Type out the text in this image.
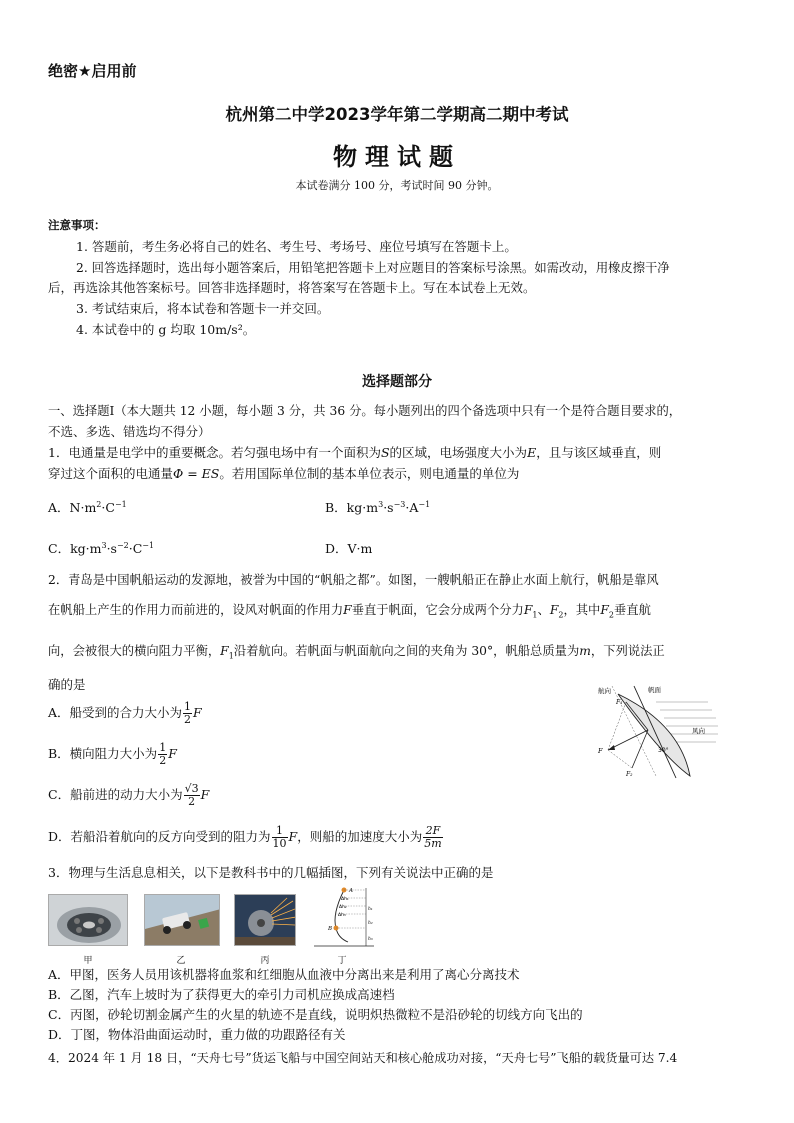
绝密★启用前
杭州第二中学2023学年第二学期高二期中考试
物理试题
本试卷满分 100 分，考试时间 90 分钟。
注意事项：
1. 答题前，考生务必将自己的姓名、考生号、考场号、座位号填写在答题卡上。
2. 回答选择题时，选出每小题答案后，用铅笔把答题卡上对应题目的答案标号涂黑。如需改动，用橡皮擦干净
后，再选涂其他答案标号。回答非选择题时，将答案写在答题卡上。写在本试卷上无效。
3. 考试结束后，将本试卷和答题卡一并交回。
4. 本试卷中的 g 均取 10m/s²。
选择题部分
一、选择题Ⅰ（本大题共 12 小题，每小题 3 分，共 36 分。每小题列出的四个备选项中只有一个是符合题目要求的，
不选、多选、错选均不得分）
1．电通量是电学中的重要概念。若匀强电场中有一个面积为S的区域，电场强度大小为E，且与该区域垂直，则
穿过这个面积的电通量Φ = ES。若用国际单位制的基本单位表示，则电通量的单位为
A．$N\cdot m^2\cdot C^{-1}$	B．$kg\cdot m^3\cdot s^{-3}\cdot A^{-1}$
C．$kg\cdot m^3\cdot s^{-2}\cdot C^{-1}$	D．V·m
2．青岛是中国帆船运动的发源地，被誉为中国的“帆船之都”。如图，一艘帆船正在静止水面上航行，帆船是靠风
在帆船上产生的作用力而前进的，设风对帆面的作用力F垂直于帆面，它会分成两个分力$F_1$、$F_2$，其中$F_2$垂直航
向，会被很大的横向阻力平衡，$F_1$沿着航向。若帆面与帆面航向之间的夹角为 30°，帆船总质量为m，下列说法正
确的是
A．船受到的合力大小为 $\frac{1}{2}$ F
B．横向阻力大小为 $\frac{1}{2}$ F
C．船前进的动力大小为 $\frac{√3}{2}$ F
D．若船沿着航向的反方向受到的阻力为 $\frac{1}{10}$ F，则船的加速度大小为 $\frac{2F}{5m}$
航向	帆面
风向
F
F₁
F₂
30°
3．物理与生活息息相关，以下是教科书中的几幅插图，下列有关说法中正确的是
Δh₁
Δh₂
Δh₃
A
B
h₁
h₂
h₃
甲	乙	丙	丁
A．甲图，医务人员用该机器将血浆和红细胞从血液中分离出来是利用了离心分离技术
B．乙图，汽车上坡时为了获得更大的牵引力司机应换成高速档
C．丙图，砂轮切割金属产生的火星的轨迹不是直线，说明炽热微粒不是沿砂轮的切线方向飞出的
D．丁图，物体沿曲面运动时，重力做的功跟路径有关
4．2024 年 1 月 18 日，“天舟七号”货运飞船与中国空间站天和核心舱成功对接，“天舟七号”飞船的载货量可达 7.4
